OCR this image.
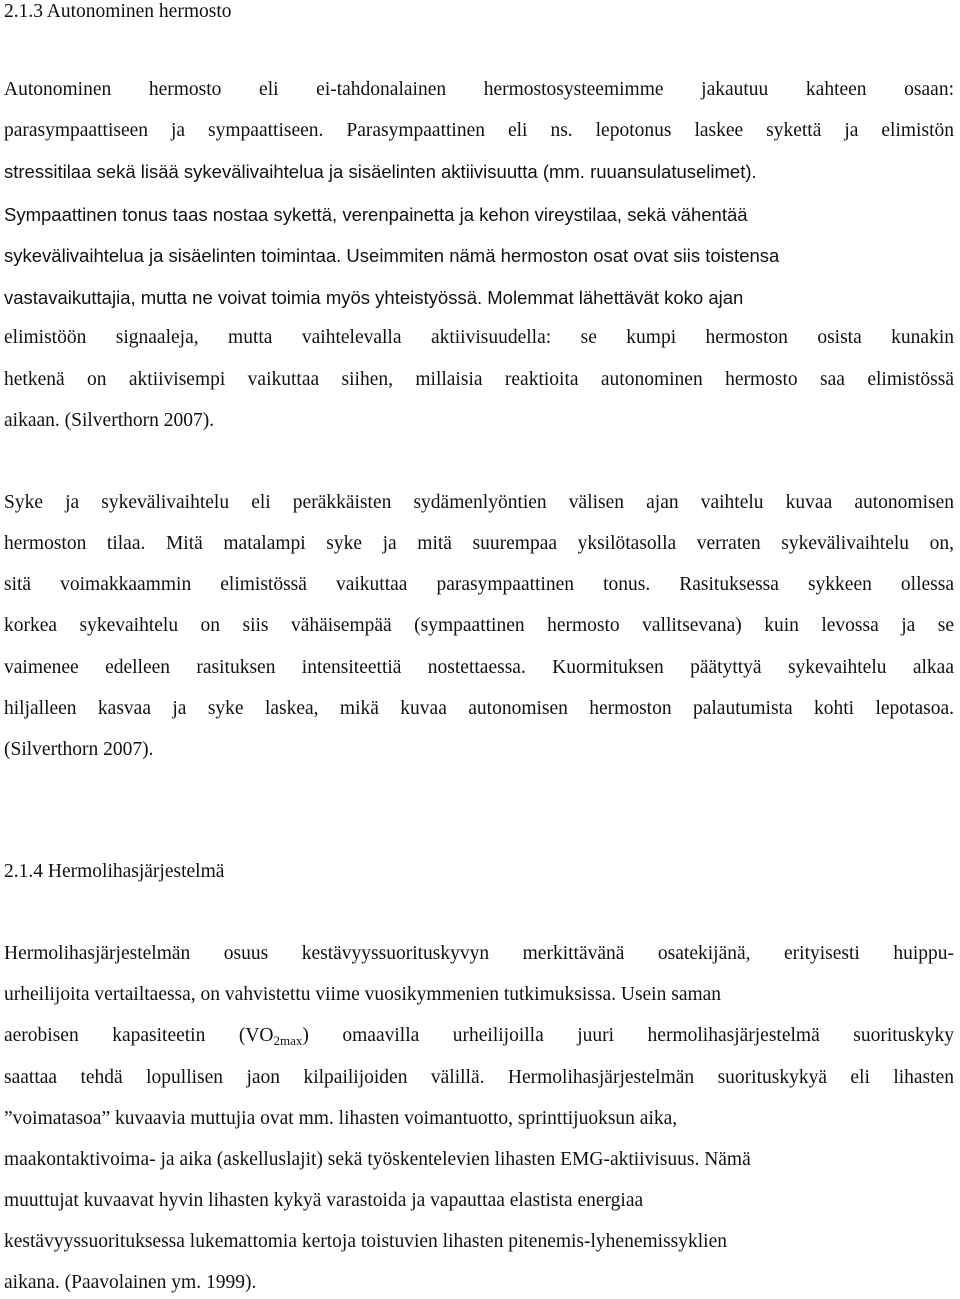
2.1.3 Autonominen hermosto
Autonominen hermosto eli ei-tahdonalainen hermostosysteemimme jakautuu kahteen osaan:
parasympaattiseen ja sympaattiseen. Parasympaattinen eli ns. lepotonus laskee sykettä ja elimistön
stressitilaa sekä lisää sykevälivaihtelua ja sisäelinten aktiivisuutta (mm. ruuansulatuselimet).
Sympaattinen tonus taas nostaa sykettä, verenpainetta ja kehon vireystilaa, sekä vähentää
sykevälivaihtelua ja sisäelinten toimintaa. Useimmiten nämä hermoston osat ovat siis toistensa
vastavaikuttajia, mutta ne voivat toimia myös yhteistyössä. Molemmat lähettävät koko ajan
elimistöön signaaleja, mutta vaihtelevalla aktiivisuudella: se kumpi hermoston osista kunakin
hetkenä on aktiivisempi vaikuttaa siihen, millaisia reaktioita autonominen hermosto saa elimistössä
aikaan. (Silverthorn 2007).
Syke ja sykevälivaihtelu eli peräkkäisten sydämenlyöntien välisen ajan vaihtelu kuvaa autonomisen
hermoston tilaa. Mitä matalampi syke ja mitä suurempaa yksilötasolla verraten sykevälivaihtelu on,
sitä voimakkaammin elimistössä vaikuttaa parasympaattinen tonus. Rasituksessa sykkeen ollessa
korkea sykevaihtelu on siis vähäisempää (sympaattinen hermosto vallitsevana) kuin levossa ja se
vaimenee edelleen rasituksen intensiteettiä nostettaessa. Kuormituksen päätyttyä sykevaihtelu alkaa
hiljalleen kasvaa ja syke laskea, mikä kuvaa autonomisen hermoston palautumista kohti lepotasoa.
(Silverthorn 2007).
2.1.4 Hermolihasjärjestelmä
Hermolihasjärjestelmän osuus kestävyyssuorituskyvyn merkittävänä osatekijänä, erityisesti huippu-
urheilijoita vertailtaessa, on vahvistettu viime vuosikymmenien tutkimuksissa. Usein saman
aerobisen kapasiteetin $(VO_{2max})$ omaavilla urheilijoilla juuri hermolihasjärjestelmä suorituskyky
saattaa tehdä lopullisen jaon kilpailijoiden välillä. Hermolihasjärjestelmän suorituskykyä eli lihasten
”voimatasoa” kuvaavia muttujia ovat mm. lihasten voimantuotto, sprinttijuoksun aika,
maakontaktivoima- ja aika (askelluslajit) sekä työskentelevien lihasten EMG-aktiivisuus. Nämä
muuttujat kuvaavat hyvin lihasten kykyä varastoida ja vapauttaa elastista energiaa
kestävyyssuorituksessa lukemattomia kertoja toistuvien lihasten pitenemis-lyhenemissyklien
aikana. (Paavolainen ym. 1999).
